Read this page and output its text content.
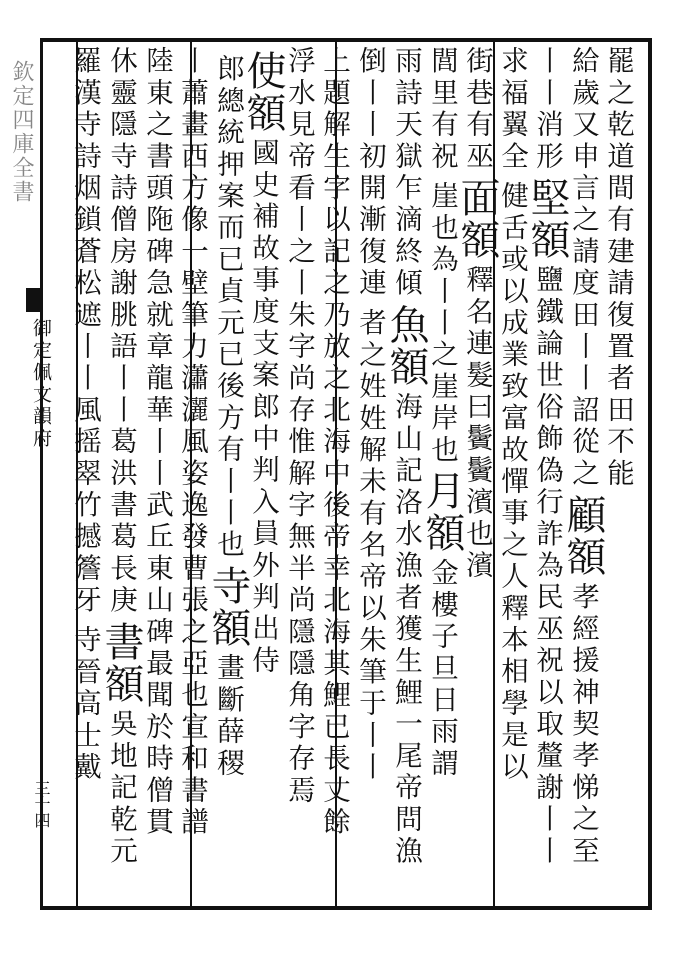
欽定四庫全書
御定佩文韻府
三十四
罷之乾道間有建請復置者田不能
給歲又申言之請度田丨丨詔從之
顧額
孝經援神契孝悌之至
丨丨消形
堅額
鹽鐵論世俗飾偽行詐為民巫祝以取釐謝丨丨
求福翼全
健舌或以成業致富故憚事之人釋本相學是以
街巷有巫
面額
釋名連髮曰鬢鬢濱也濱
閭里有祝
崖也為丨丨之崖岸也
月額
金樓子旦日雨謂
雨詩天獄乍滴終傾
魚額
海山記洛水漁者獲生鯉一尾帝問漁
倒丨丨初開漸復連
者之姓姓解未有名帝以朱筆于丨丨
上題解生字以記之乃放之北海中後帝幸北海其鯉已長丈餘
浮水見帝看丨之丨朱字尚存惟解字無半尚隱隱角字存焉
使額
國史補故事度支案郎中判入員外判出侍
郎總統押案而已貞元已後方有丨丨也
寺額
畫斷薛稷
丨蕭畫西方像一壁筆力瀟灑風姿逸發曹張之亞也宣和書譜
陸東之書頭陁碑急就章龍華丨丨武丘東山碑最聞於時僧貫
休靈隱寺詩僧房謝朓語丨丨葛洪書葛長庚
書額
吳地記乾元
羅漢寺詩烟鎖蒼松遮丨丨風摇翠竹撼簷牙
寺晉高士戴
